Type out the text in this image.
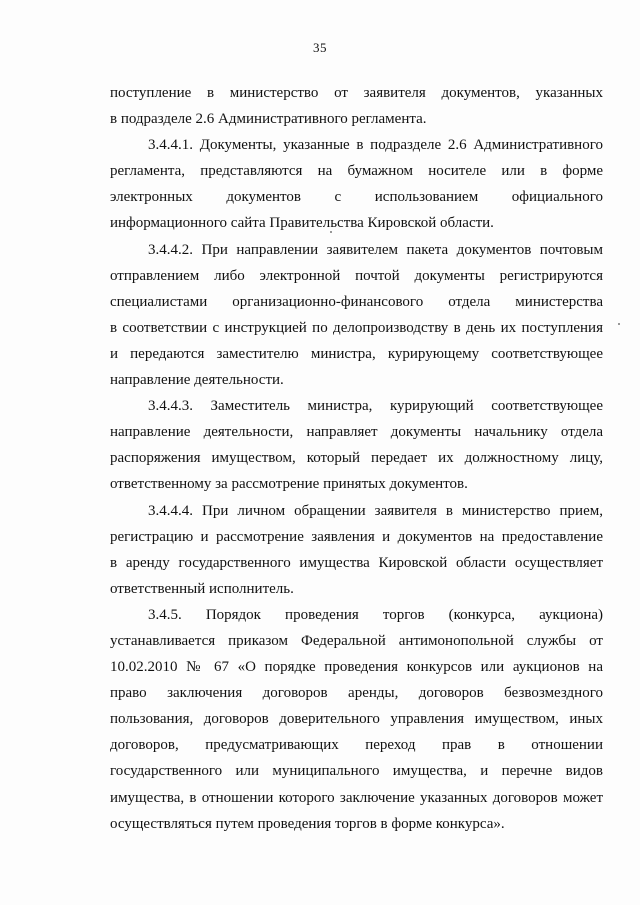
35
поступление в министерство от заявителя документов, указанных
в подразделе 2.6 Административного регламента.
3.4.4.1. Документы, указанные в подразделе 2.6 Административного
регламента, представляются на бумажном носителе или в форме
электронных документов с использованием официального
информационного сайта Правительства Кировской области.
3.4.4.2. При направлении заявителем пакета документов почтовым
отправлением либо электронной почтой документы регистрируются
специалистами организационно-финансового отдела министерства
в соответствии с инструкцией по делопроизводству в день их поступления
и передаются заместителю министра, курирующему соответствующее
направление деятельности.
3.4.4.3. Заместитель министра, курирующий соответствующее
направление деятельности, направляет документы начальнику отдела
распоряжения имуществом, который передает их должностному лицу,
ответственному за рассмотрение принятых документов.
3.4.4.4. При личном обращении заявителя в министерство прием,
регистрацию и рассмотрение заявления и документов на предоставление
в аренду государственного имущества Кировской области осуществляет
ответственный исполнитель.
3.4.5. Порядок проведения торгов (конкурса, аукциона)
устанавливается приказом Федеральной антимонопольной службы от
10.02.2010 № 67 «О порядке проведения конкурсов или аукционов на
право заключения договоров аренды, договоров безвозмездного
пользования, договоров доверительного управления имуществом, иных
договоров, предусматривающих переход прав в отношении
государственного или муниципального имущества, и перечне видов
имущества, в отношении которого заключение указанных договоров может
осуществляться путем проведения торгов в форме конкурса».
